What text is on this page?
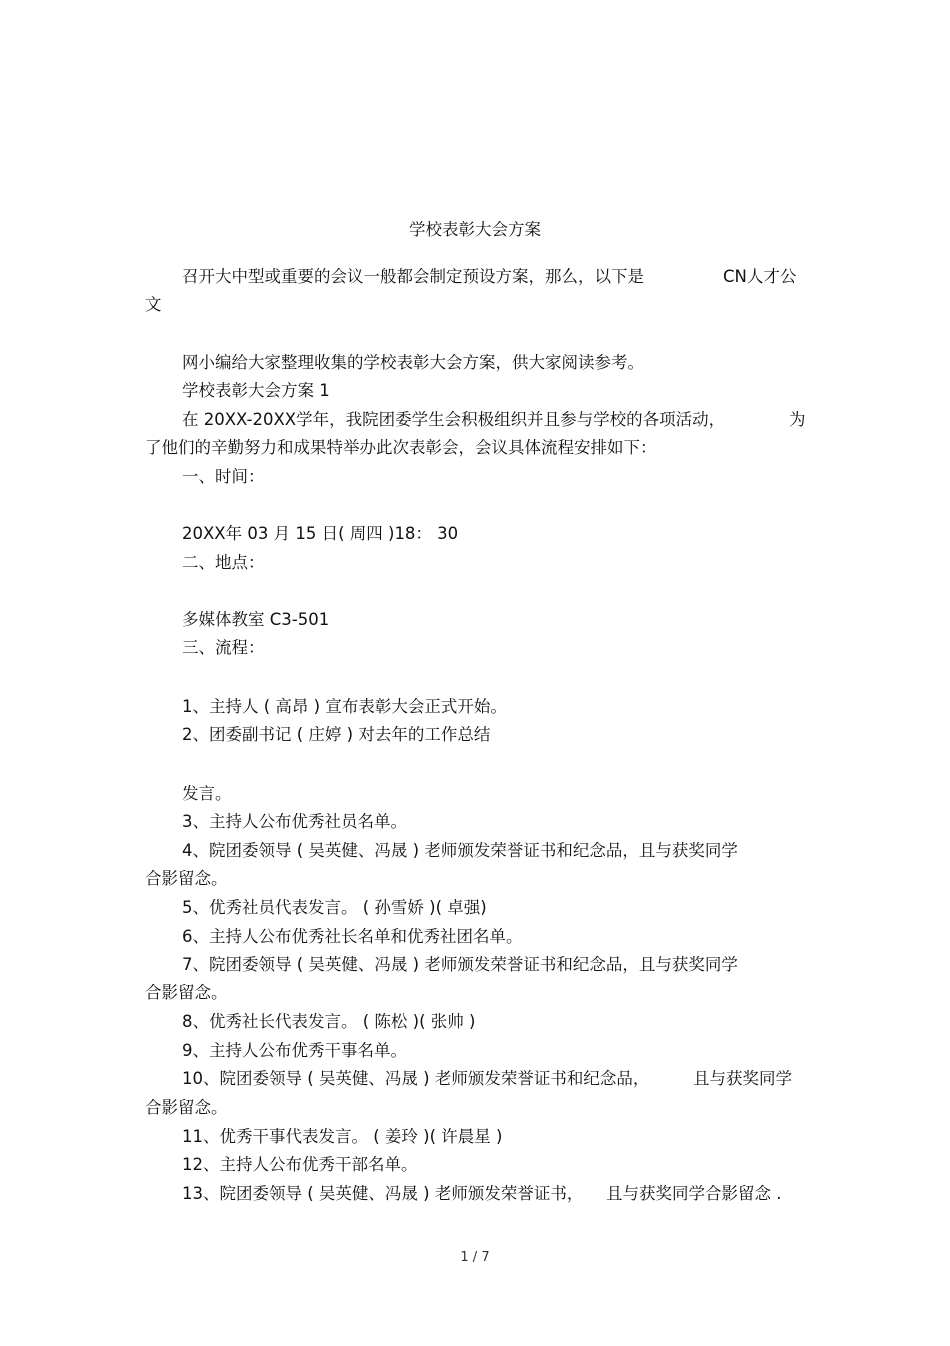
学校表彰大会方案
召开大中型或重要的会议一般都会制定预设方案，那么，以下是	CN人才公
文
网小编给大家整理收集的学校表彰大会方案，供大家阅读参考。
学校表彰大会方案 1
在 20XX-20XX学年，我院团委学生会积极组织并且参与学校的各项活动，	为
了他们的辛勤努力和成果特举办此次表彰会，会议具体流程安排如下：
一、时间：
20XX年 03 月 15 日( 周四 )18： 30
二、地点：
多媒体教室 C3-501
三、流程：
1、主持人 ( 高昂 ) 宣布表彰大会正式开始。
2、团委副书记 ( 庄婷 ) 对去年的工作总结
发言。
3、主持人公布优秀社员名单。
4、院团委领导 ( 吴英健、冯晟 ) 老师颁发荣誉证书和纪念品，且与获奖同学
合影留念。
5、优秀社员代表发言。 ( 孙雪娇 )( 卓强)
6、主持人公布优秀社长名单和优秀社团名单。
7、院团委领导 ( 吴英健、冯晟 ) 老师颁发荣誉证书和纪念品，且与获奖同学
合影留念。
8、优秀社长代表发言。 ( 陈松 )( 张帅 )
9、主持人公布优秀干事名单。
10、院团委领导 ( 吴英健、冯晟 ) 老师颁发荣誉证书和纪念品，	且与获奖同学
合影留念。
11、优秀干事代表发言。 ( 姜玲 )( 许晨星 )
12、主持人公布优秀干部名单。
13、院团委领导 ( 吴英健、冯晟 ) 老师颁发荣誉证书， 且与获奖同学合影留念 .
1 / 7
